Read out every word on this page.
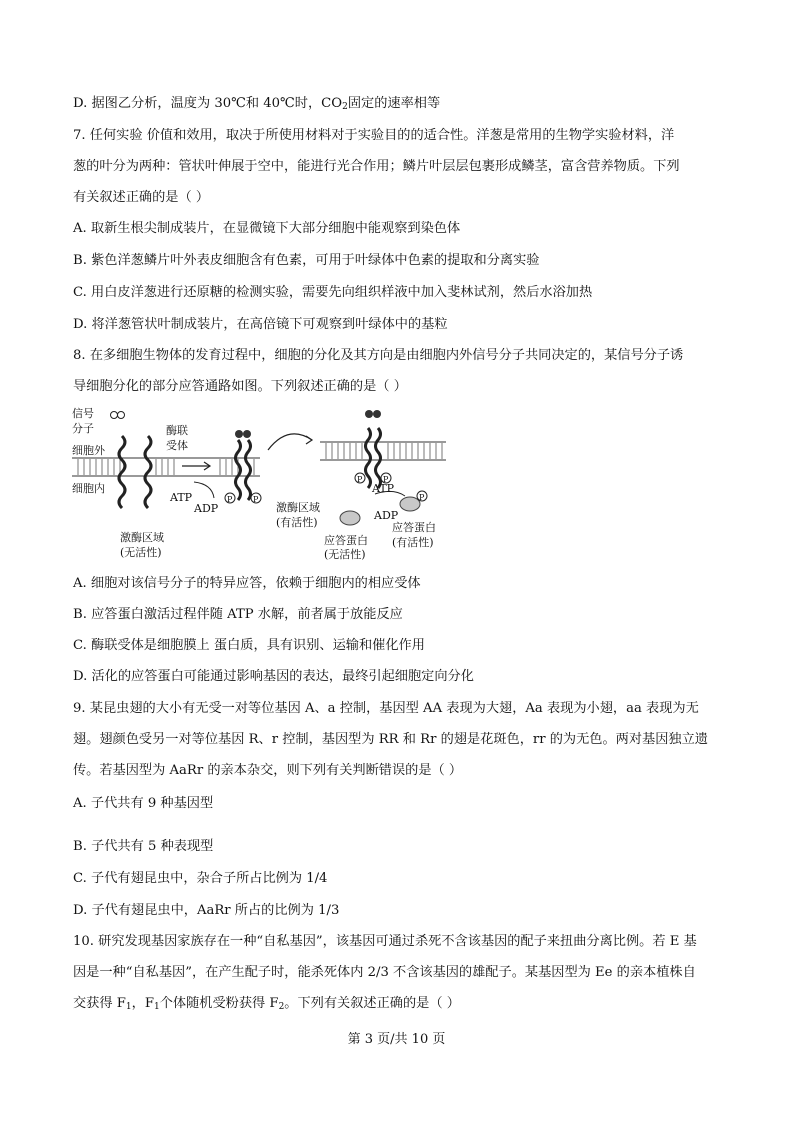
D. 据图乙分析，温度为 30℃和 40℃时，$CO_2$固定的速率相等
7. 任何实验 价值和效用，取决于所使用材料对于实验目的的适合性。洋葱是常用的生物学实验材料，洋
葱的叶分为两种：管状叶伸展于空中，能进行光合作用；鳞片叶层层包裹形成鳞茎，富含营养物质。下列
有关叙述正确的是（ ）
A. 取新生根尖制成装片，在显微镜下大部分细胞中能观察到染色体
B. 紫色洋葱鳞片叶外表皮细胞含有色素，可用于叶绿体中色素的提取和分离实验
C. 用白皮洋葱进行还原糖的检测实验，需要先向组织样液中加入斐林试剂，然后水浴加热
D. 将洋葱管状叶制成装片，在高倍镜下可观察到叶绿体中的基粒
8. 在多细胞生物体的发育过程中，细胞的分化及其方向是由细胞内外信号分子共同决定的，某信号分子诱
导细胞分化的部分应答通路如图。下列叙述正确的是（ ）
P	P
P	P
P
信号
分子	酶联
受体
细胞外
细胞内
ATP
ADP
激酶区域
(无活性)
激酶区域
(有活性)
ATP
ADP
应答蛋白
(无活性)
应答蛋白
(有活性)
A. 细胞对该信号分子的特异应答，依赖于细胞内的相应受体
B. 应答蛋白激活过程伴随 ATP 水解，前者属于放能反应
C. 酶联受体是细胞膜上 蛋白质，具有识别、运输和催化作用
D. 活化的应答蛋白可能通过影响基因的表达，最终引起细胞定向分化
9. 某昆虫翅的大小有无受一对等位基因 A、a 控制，基因型 AA 表现为大翅，Aa 表现为小翅，aa 表现为无
翅。翅颜色受另一对等位基因 R、r 控制，基因型为 RR 和 Rr 的翅是花斑色，rr 的为无色。两对基因独立遗
传。若基因型为 AaRr 的亲本杂交，则下列有关判断错误的是（ ）
A. 子代共有 9 种基因型
B. 子代共有 5 种表现型
C. 子代有翅昆虫中，杂合子所占比例为 1/4
D. 子代有翅昆虫中，AaRr 所占的比例为 1/3
10. 研究发现基因家族存在一种“自私基因”，该基因可通过杀死不含该基因的配子来扭曲分离比例。若 E 基
因是一种“自私基因”，在产生配子时，能杀死体内 2/3 不含该基因的雄配子。某基因型为 Ee 的亲本植株自
交获得 $F_1$，$F_1$个体随机受粉获得 $F_2$。下列有关叙述正确的是（ ）
第 3 页/共 10 页
